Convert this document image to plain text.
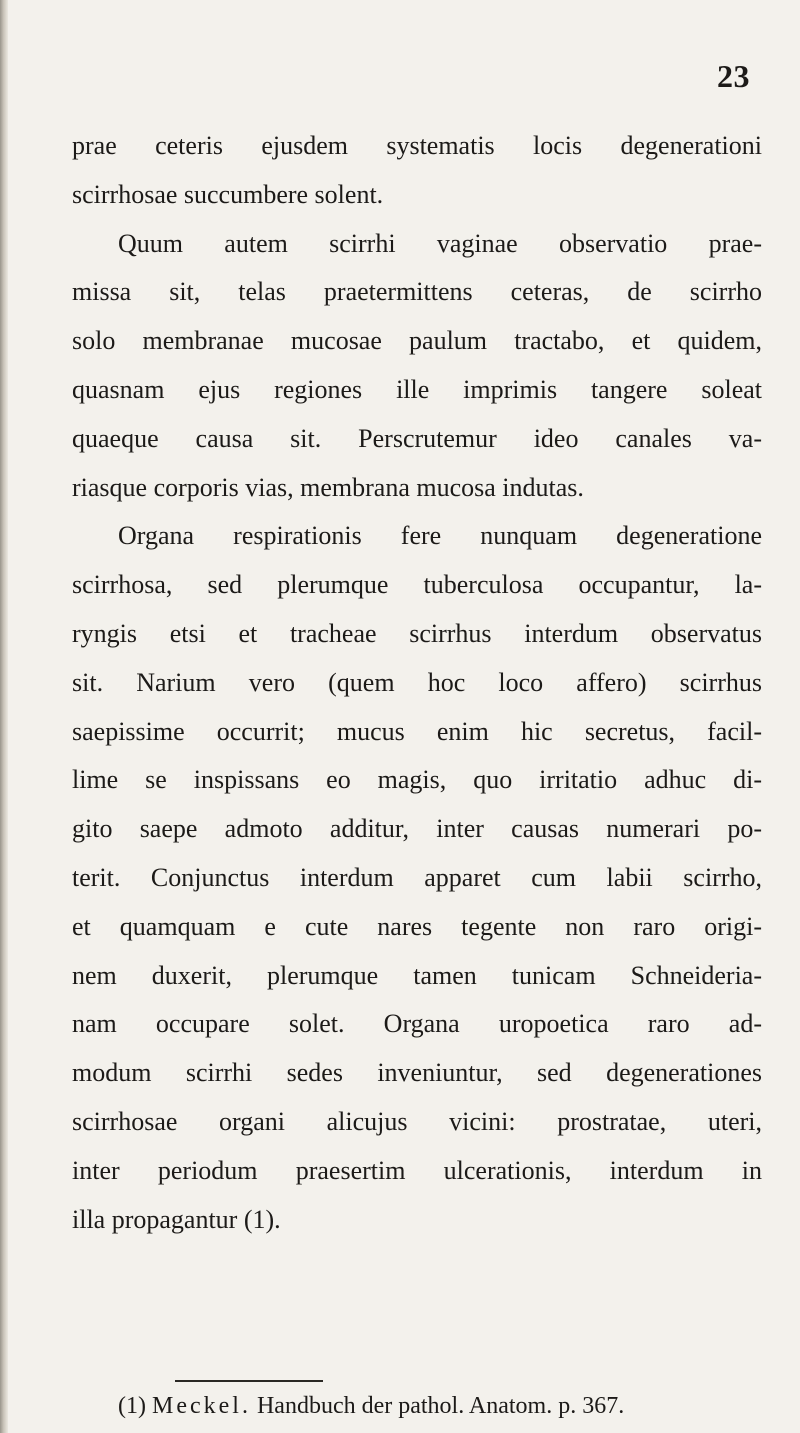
23
prae ceteris ejusdem systematis locis degenerationi
scirrhosae succumbere solent.
Quum autem scirrhi vaginae observatio prae-
missa sit, telas praetermittens ceteras, de scirrho
solo membranae mucosae paulum tractabo, et quidem,
quasnam ejus regiones ille imprimis tangere soleat
quaeque causa sit. Perscrutemur ideo canales va-
riasque corporis vias, membrana mucosa indutas.
Organa respirationis fere nunquam degeneratione
scirrhosa, sed plerumque tuberculosa occupantur, la-
ryngis etsi et tracheae scirrhus interdum observatus
sit. Narium vero (quem hoc loco affero) scirrhus
saepissime occurrit; mucus enim hic secretus, facil-
lime se inspissans eo magis, quo irritatio adhuc di-
gito saepe admoto additur, inter causas numerari po-
terit. Conjunctus interdum apparet cum labii scirrho,
et quamquam e cute nares tegente non raro origi-
nem duxerit, plerumque tamen tunicam Schneideria-
nam occupare solet. Organa uropoetica raro ad-
modum scirrhi sedes inveniuntur, sed degenerationes
scirrhosae organi alicujus vicini: prostratae, uteri,
inter periodum praesertim ulcerationis, interdum in
illa propagantur (1).
(1) Meckel. Handbuch der pathol. Anatom. p. 367.
